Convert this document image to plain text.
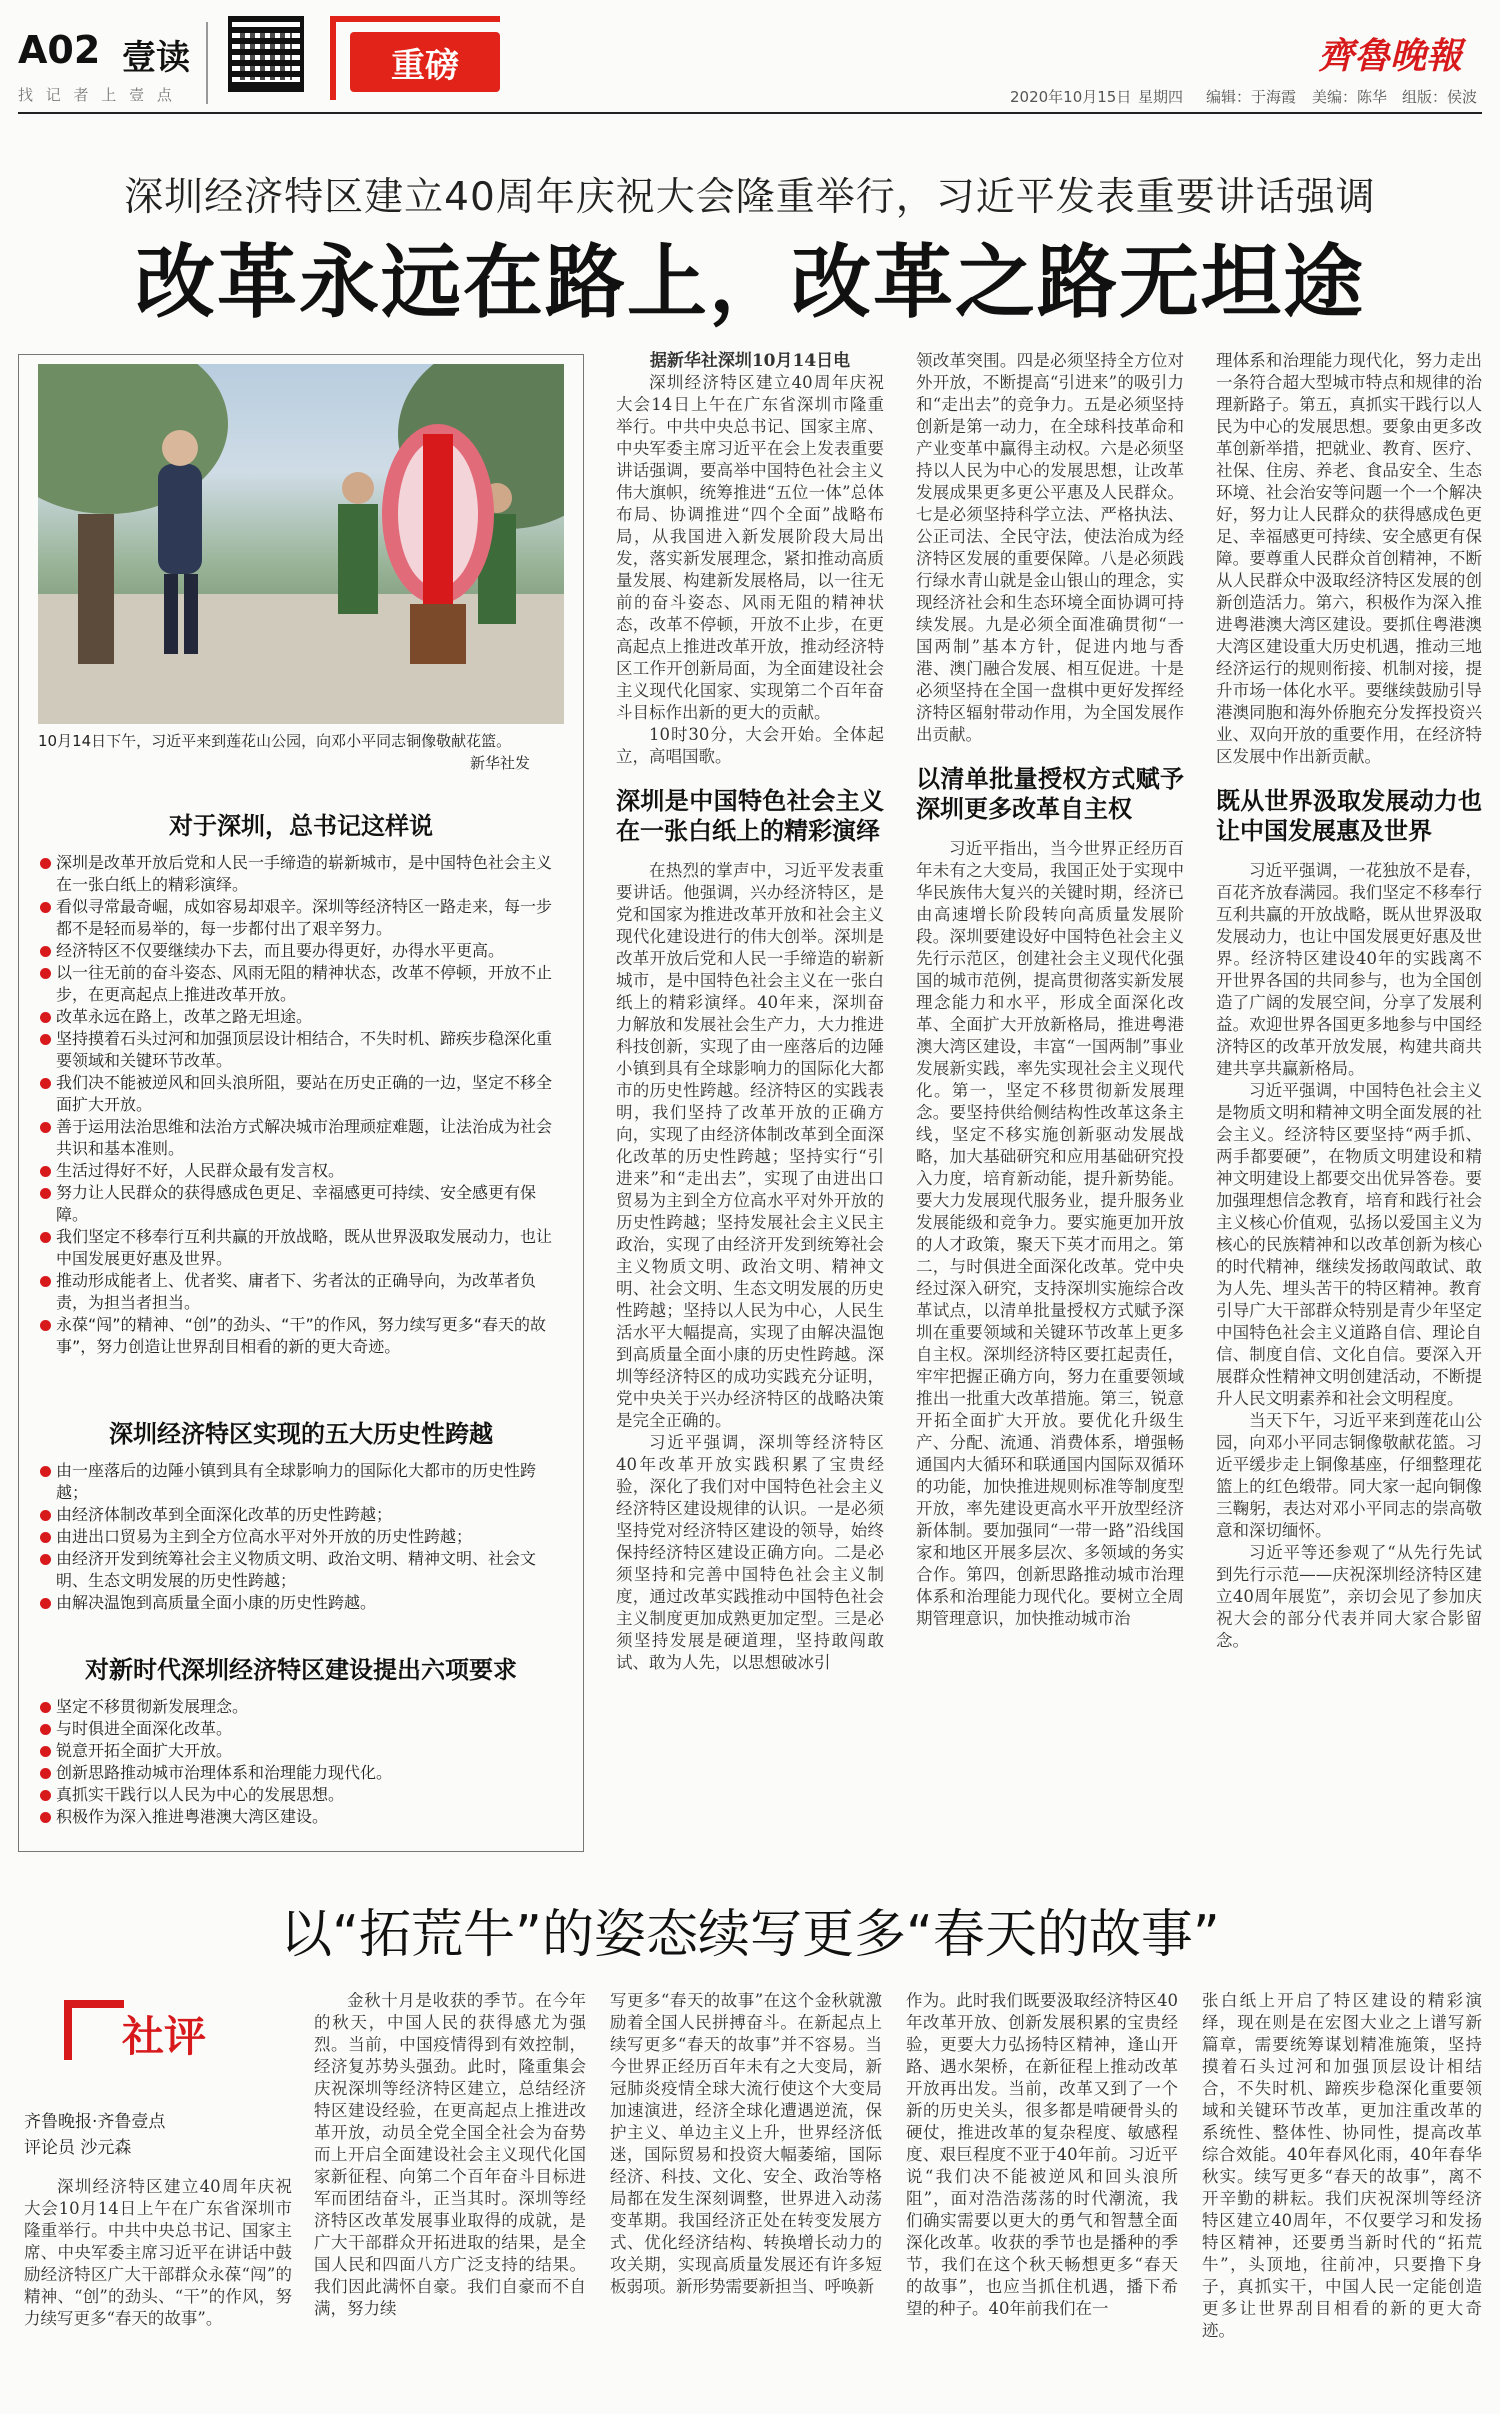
A02 壹读
找 记 者 上 壹 点
重磅	齊魯晚報
2020年10月15日 星期四 编辑：于海霞 美编：陈华 组版：侯波
深圳经济特区建立40周年庆祝大会隆重举行，习近平发表重要讲话强调
改革永远在路上，改革之路无坦途
10月14日下午，习近平来到莲花山公园，向邓小平同志铜像敬献花篮。
新华社发
对于深圳，总书记这样说
深圳是改革开放后党和人民一手缔造的崭新城市，是中国特色社会主义在一张白纸上的精彩演绎。
看似寻常最奇崛，成如容易却艰辛。深圳等经济特区一路走来，每一步都不是轻而易举的，每一步都付出了艰辛努力。
经济特区不仅要继续办下去，而且要办得更好，办得水平更高。
以一往无前的奋斗姿态、风雨无阻的精神状态，改革不停顿，开放不止步，在更高起点上推进改革开放。
改革永远在路上，改革之路无坦途。
坚持摸着石头过河和加强顶层设计相结合，不失时机、蹄疾步稳深化重要领域和关键环节改革。
我们决不能被逆风和回头浪所阻，要站在历史正确的一边，坚定不移全面扩大开放。
善于运用法治思维和法治方式解决城市治理顽症难题，让法治成为社会共识和基本准则。
生活过得好不好，人民群众最有发言权。
努力让人民群众的获得感成色更足、幸福感更可持续、安全感更有保障。
我们坚定不移奉行互利共赢的开放战略，既从世界汲取发展动力，也让中国发展更好惠及世界。
推动形成能者上、优者奖、庸者下、劣者汰的正确导向，为改革者负责，为担当者担当。
永葆“闯”的精神、“创”的劲头、“干”的作风，努力续写更多“春天的故事”，努力创造让世界刮目相看的新的更大奇迹。
深圳经济特区实现的五大历史性跨越
由一座落后的边陲小镇到具有全球影响力的国际化大都市的历史性跨越；
由经济体制改革到全面深化改革的历史性跨越；
由进出口贸易为主到全方位高水平对外开放的历史性跨越；
由经济开发到统筹社会主义物质文明、政治文明、精神文明、社会文明、生态文明发展的历史性跨越；
由解决温饱到高质量全面小康的历史性跨越。
对新时代深圳经济特区建设提出六项要求
坚定不移贯彻新发展理念。
与时俱进全面深化改革。
锐意开拓全面扩大开放。
创新思路推动城市治理体系和治理能力现代化。
真抓实干践行以人民为中心的发展思想。
积极作为深入推进粤港澳大湾区建设。
据新华社深圳10月14日电

深圳经济特区建立40周年庆祝大会14日上午在广东省深圳市隆重举行。中共中央总书记、国家主席、中央军委主席习近平在会上发表重要讲话强调，要高举中国特色社会主义伟大旗帜，统筹推进“五位一体”总体布局、协调推进“四个全面”战略布局，从我国进入新发展阶段大局出发，落实新发展理念，紧扣推动高质量发展、构建新发展格局，以一往无前的奋斗姿态、风雨无阻的精神状态，改革不停顿，开放不止步，在更高起点上推进改革开放，推动经济特区工作开创新局面，为全面建设社会主义现代化国家、实现第二个百年奋斗目标作出新的更大的贡献。

10时30分，大会开始。全体起立，高唱国歌。

深圳是中国特色社会主义在一张白纸上的精彩演绎

在热烈的掌声中，习近平发表重要讲话。他强调，兴办经济特区，是党和国家为推进改革开放和社会主义现代化建设进行的伟大创举。深圳是改革开放后党和人民一手缔造的崭新城市，是中国特色社会主义在一张白纸上的精彩演绎。40年来，深圳奋力解放和发展社会生产力，大力推进科技创新，实现了由一座落后的边陲小镇到具有全球影响力的国际化大都市的历史性跨越。经济特区的实践表明，我们坚持了改革开放的正确方向，实现了由经济体制改革到全面深化改革的历史性跨越；坚持实行“引进来”和“走出去”，实现了由进出口贸易为主到全方位高水平对外开放的历史性跨越；坚持发展社会主义民主政治，实现了由经济开发到统筹社会主义物质文明、政治文明、精神文明、社会文明、生态文明发展的历史性跨越；坚持以人民为中心，人民生活水平大幅提高，实现了由解决温饱到高质量全面小康的历史性跨越。深圳等经济特区的成功实践充分证明，党中央关于兴办经济特区的战略决策是完全正确的。

习近平强调，深圳等经济特区40年改革开放实践积累了宝贵经验，深化了我们对中国特色社会主义经济特区建设规律的认识。一是必须坚持党对经济特区建设的领导，始终保持经济特区建设正确方向。二是必须坚持和完善中国特色社会主义制度，通过改革实践推动中国特色社会主义制度更加成熟更加定型。三是必须坚持发展是硬道理，坚持敢闯敢试、敢为人先，以思想破冰引

领改革突围。四是必须坚持全方位对外开放，不断提高“引进来”的吸引力和“走出去”的竞争力。五是必须坚持创新是第一动力，在全球科技革命和产业变革中赢得主动权。六是必须坚持以人民为中心的发展思想，让改革发展成果更多更公平惠及人民群众。七是必须坚持科学立法、严格执法、公正司法、全民守法，使法治成为经济特区发展的重要保障。八是必须践行绿水青山就是金山银山的理念，实现经济社会和生态环境全面协调可持续发展。九是必须全面准确贯彻“一国两制”基本方针，促进内地与香港、澳门融合发展、相互促进。十是必须坚持在全国一盘棋中更好发挥经济特区辐射带动作用，为全国发展作出贡献。

以清单批量授权方式赋予深圳更多改革自主权

习近平指出，当今世界正经历百年未有之大变局，我国正处于实现中华民族伟大复兴的关键时期，经济已由高速增长阶段转向高质量发展阶段。深圳要建设好中国特色社会主义先行示范区，创建社会主义现代化强国的城市范例，提高贯彻落实新发展理念能力和水平，形成全面深化改革、全面扩大开放新格局，推进粤港澳大湾区建设，丰富“一国两制”事业发展新实践，率先实现社会主义现代化。第一，坚定不移贯彻新发展理念。要坚持供给侧结构性改革这条主线，坚定不移实施创新驱动发展战略，加大基础研究和应用基础研究投入力度，培育新动能，提升新势能。要大力发展现代服务业，提升服务业发展能级和竞争力。要实施更加开放的人才政策，聚天下英才而用之。第二，与时俱进全面深化改革。党中央经过深入研究，支持深圳实施综合改革试点，以清单批量授权方式赋予深圳在重要领域和关键环节改革上更多自主权。深圳经济特区要扛起责任，牢牢把握正确方向，努力在重要领域推出一批重大改革措施。第三，锐意开拓全面扩大开放。要优化升级生产、分配、流通、消费体系，增强畅通国内大循环和联通国内国际双循环的功能，加快推进规则标准等制度型开放，率先建设更高水平开放型经济新体制。要加强同“一带一路”沿线国家和地区开展多层次、多领域的务实合作。第四，创新思路推动城市治理体系和治理能力现代化。要树立全周期管理意识，加快推动城市治

理体系和治理能力现代化，努力走出一条符合超大型城市特点和规律的治理新路子。第五，真抓实干践行以人民为中心的发展思想。要象由更多改革创新举措，把就业、教育、医疗、社保、住房、养老、食品安全、生态环境、社会治安等问题一个一个解决好，努力让人民群众的获得感成色更足、幸福感更可持续、安全感更有保障。要尊重人民群众首创精神，不断从人民群众中汲取经济特区发展的创新创造活力。第六，积极作为深入推进粤港澳大湾区建设。要抓住粤港澳大湾区建设重大历史机遇，推动三地经济运行的规则衔接、机制对接，提升市场一体化水平。要继续鼓励引导港澳同胞和海外侨胞充分发挥投资兴业、双向开放的重要作用，在经济特区发展中作出新贡献。

既从世界汲取发展动力也让中国发展惠及世界

习近平强调，一花独放不是春，百花齐放春满园。我们坚定不移奉行互利共赢的开放战略，既从世界汲取发展动力，也让中国发展更好惠及世界。经济特区建设40年的实践离不开世界各国的共同参与，也为全国创造了广阔的发展空间，分享了发展利益。欢迎世界各国更多地参与中国经济特区的改革开放发展，构建共商共建共享共赢新格局。

习近平强调，中国特色社会主义是物质文明和精神文明全面发展的社会主义。经济特区要坚持“两手抓、两手都要硬”，在物质文明建设和精神文明建设上都要交出优异答卷。要加强理想信念教育，培育和践行社会主义核心价值观，弘扬以爱国主义为核心的民族精神和以改革创新为核心的时代精神，继续发扬敢闯敢试、敢为人先、埋头苦干的特区精神。教育引导广大干部群众特别是青少年坚定中国特色社会主义道路自信、理论自信、制度自信、文化自信。要深入开展群众性精神文明创建活动，不断提升人民文明素养和社会文明程度。

当天下午，习近平来到莲花山公园，向邓小平同志铜像敬献花篮。习近平缓步走上铜像基座，仔细整理花篮上的红色缎带。同大家一起向铜像三鞠躬，表达对邓小平同志的崇高敬意和深切缅怀。

习近平等还参观了“从先行先试到先行示范——庆祝深圳经济特区建立40周年展览”，亲切会见了参加庆祝大会的部分代表并同大家合影留念。

以“拓荒牛”的姿态续写更多“春天的故事”
社评
齐鲁晚报·齐鲁壹点
评论员 沙元森

深圳经济特区建立40周年庆祝大会10月14日上午在广东省深圳市隆重举行。中共中央总书记、国家主席、中央军委主席习近平在讲话中鼓励经济特区广大干部群众永葆“闯”的精神、“创”的劲头、“干”的作风，努力续写更多“春天的故事”。

金秋十月是收获的季节。在今年的秋天，中国人民的获得感尤为强烈。当前，中国疫情得到有效控制，经济复苏势头强劲。此时，隆重集会庆祝深圳等经济特区建立，总结经济特区建设经验，在更高起点上推进改革开放，动员全党全国全社会为奋势而上开启全面建设社会主义现代化国家新征程、向第二个百年奋斗目标进军而团结奋斗，正当其时。深圳等经济特区改革发展事业取得的成就，是广大干部群众开拓进取的结果，是全国人民和四面八方广泛支持的结果。我们因此满怀自豪。我们自豪而不自满，努力续

写更多“春天的故事”在这个金秋就激励着全国人民拼搏奋斗。在新起点上续写更多“春天的故事”并不容易。当今世界正经历百年未有之大变局，新冠肺炎疫情全球大流行使这个大变局加速演进，经济全球化遭遇逆流，保护主义、单边主义上升，世界经济低迷，国际贸易和投资大幅萎缩，国际经济、科技、文化、安全、政治等格局都在发生深刻调整，世界进入动荡变革期。我国经济正处在转变发展方式、优化经济结构、转换增长动力的攻关期，实现高质量发展还有许多短板弱项。新形势需要新担当、呼唤新

作为。此时我们既要汲取经济特区40年改革开放、创新发展积累的宝贵经验，更要大力弘扬特区精神，逢山开路、遇水架桥，在新征程上推动改革开放再出发。当前，改革又到了一个新的历史关头，很多都是啃硬骨头的硬仗，推进改革的复杂程度、敏感程度、艰巨程度不亚于40年前。习近平说“我们决不能被逆风和回头浪所阻”，面对浩浩荡荡的时代潮流，我们确实需要以更大的勇气和智慧全面深化改革。收获的季节也是播种的季节，我们在这个秋天畅想更多“春天的故事”，也应当抓住机遇，播下希望的种子。40年前我们在一

张白纸上开启了特区建设的精彩演绎，现在则是在宏图大业之上谱写新篇章，需要统筹谋划精准施策，坚持摸着石头过河和加强顶层设计相结合，不失时机、蹄疾步稳深化重要领域和关键环节改革，更加注重改革的系统性、整体性、协同性，提高改革综合效能。40年春风化雨，40年春华秋实。续写更多“春天的故事”，离不开辛勤的耕耘。我们庆祝深圳等经济特区建立40周年，不仅要学习和发扬特区精神，还要勇当新时代的“拓荒牛”，头顶地，往前冲，只要撸下身子，真抓实干，中国人民一定能创造更多让世界刮目相看的新的更大奇迹。
